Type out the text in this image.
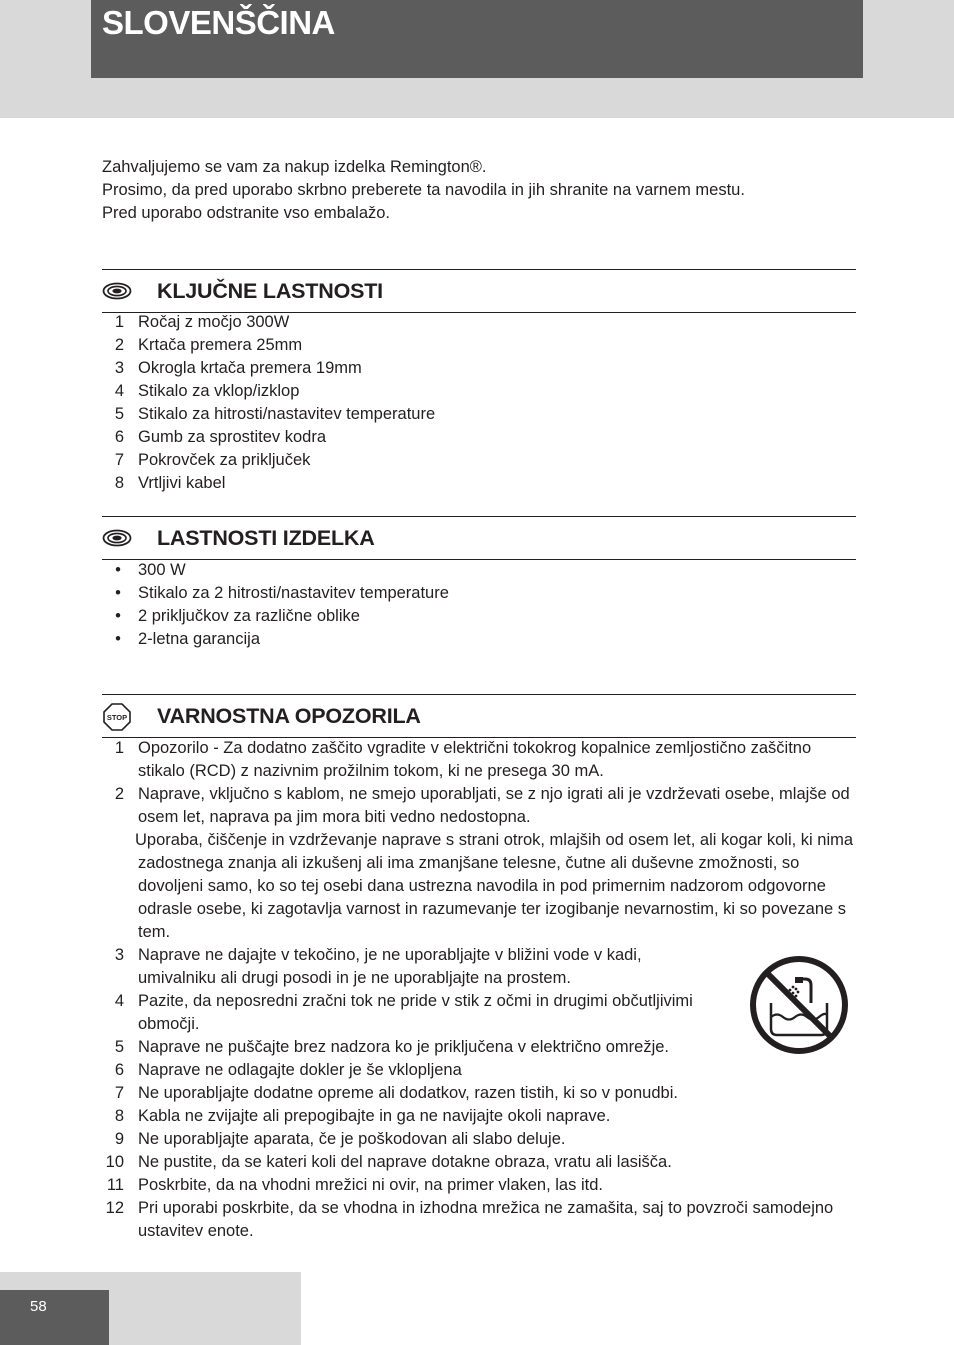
SLOVENŠČINA

Zahvaljujemo se vam za nakup izdelka Remington®.

Prosimo, da pred uporabo skrbno preberete ta navodila in jih shranite na varnem mestu.

Pred uporabo odstranite vso embalažo.

KLJUČNE LASTNOSTI
1 Ročaj z močjo 300W
2 Krtača premera 25mm
3 Okrogla krtača premera 19mm
4 Stikalo za vklop/izklop
5 Stikalo za hitrosti/nastavitev temperature
6 Gumb za sprostitev kodra
7 Pokrovček za priključek
8 Vrtljivi kabel
LASTNOSTI IZDELKA
• 300 W
• Stikalo za 2 hitrosti/nastavitev temperature
• 2 priključkov za različne oblike
• 2-letna garancija
STOP VARNOSTNA OPOZORILA
1 Opozorilo - Za dodatno zaščito vgradite v električni tokokrog kopalnice zemljostično zaščitno stikalo (RCD) z nazivnim prožilnim tokom, ki ne presega 30 mA.
2 Naprave, vključno s kablom, ne smejo uporabljati, se z njo igrati ali je vzdrževati osebe, mlajše od osem let, naprava pa jim mora biti vedno nedostopna.
Uporaba, čiščenje in vzdrževanje naprave s strani otrok, mlajših od osem let, ali kogar koli, ki nima zadostnega znanja ali izkušenj ali ima zmanjšane telesne, čutne ali duševne zmožnosti, so dovoljeni samo, ko so tej osebi dana ustrezna navodila in pod primernim nadzorom odgovorne odrasle osebe, ki zagotavlja varnost in razumevanje ter izogibanje nevarnostim, ki so povezane s tem.
3 Naprave ne dajajte v tekočino, je ne uporabljajte v bližini vode v kadi, umivalniku ali drugi posodi in je ne uporabljajte na prostem.
4 Pazite, da neposredni zračni tok ne pride v stik z očmi in drugimi občutljivimi območji.
5 Naprave ne puščajte brez nadzora ko je priključena v električno omrežje.
6 Naprave ne odlagajte dokler je še vklopljena
7 Ne uporabljajte dodatne opreme ali dodatkov, razen tistih, ki so v ponudbi.
8 Kabla ne zvijajte ali prepogibajte in ga ne navijajte okoli naprave.
9 Ne uporabljajte aparata, če je poškodovan ali slabo deluje.
10 Ne pustite, da se kateri koli del naprave dotakne obraza, vratu ali lasišča.
11 Poskrbite, da na vhodni mrežici ni ovir, na primer vlaken, las itd.
12 Pri uporabi poskrbite, da se vhodna in izhodna mrežica ne zamašita, saj to povzroči samodejno ustavitev enote.
58
